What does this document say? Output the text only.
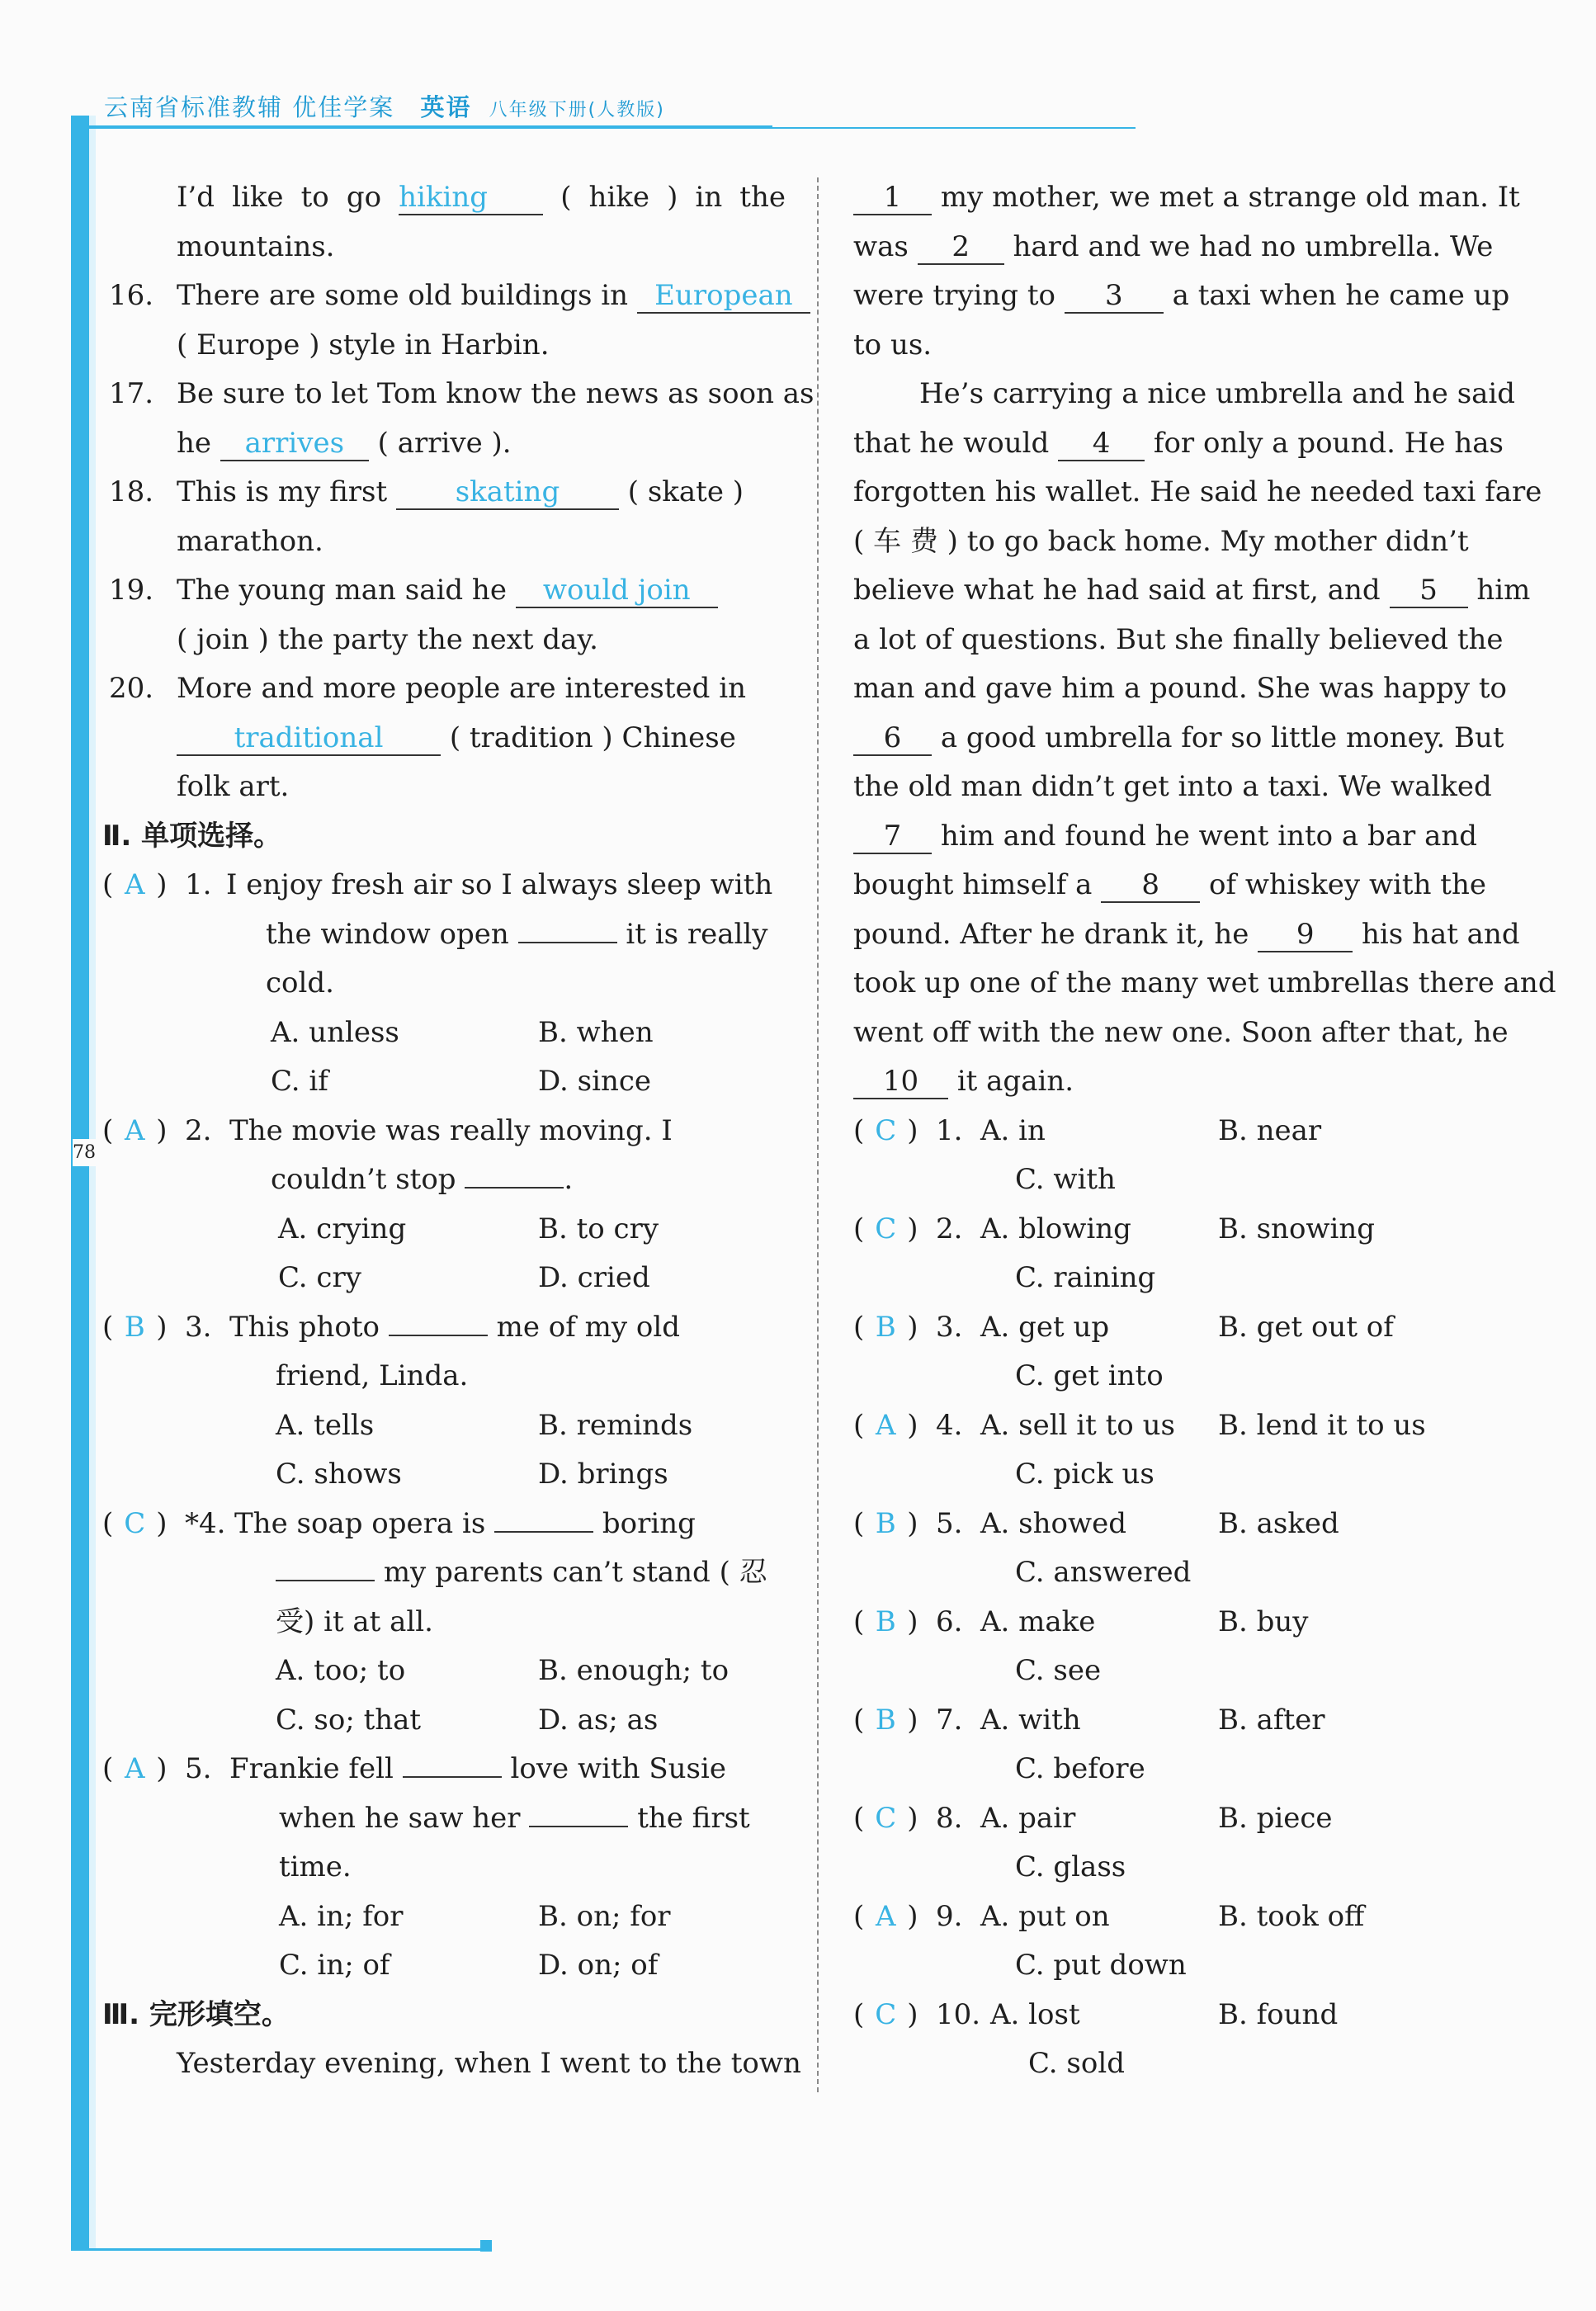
78
云南省标准教辅 优佳学案 英语 八年级下册(人教版)
I’d like to go hiking	( hike ) in the
mountains.
16. There are some old buildings in European
( Europe ) style in Harbin.
17. Be sure to let Tom know the news as soon as
he arrives ( arrive ).
18. This is my first skating ( skate )
marathon.
19. The young man said he would join
( join ) the party the next day.
20. More and more people are interested in
traditional ( tradition ) Chinese
folk art.
Ⅱ. 单项选择。
( A ) 1. I enjoy fresh air so I always sleep with
the window open	it is really
cold.
A. unless	B. when
C. if	D. since
( A ) 2. The movie was really moving. I
couldn’t stop	.
A. crying	B. to cry
C. cry	D. cried
( B ) 3. This photo	me of my old
friend, Linda.
A. tells	B. reminds
C. shows	D. brings
( C ) *4. The soap opera is	boring
my parents can’t stand ( 忍
受) it at all.
A. too; to	B. enough; to
C. so; that	D. as; as
( A ) 5. Frankie fell	love with Susie
when he saw her	the first
time.
A. in; for	B. on; for
C. in; of	D. on; of
Ⅲ. 完形填空。
Yesterday evening, when I went to the town
1 my mother, we met a strange old man. It
was 2 hard and we had no umbrella. We
were trying to 3 a taxi when he came up
to us.
He’s carrying a nice umbrella and he said
that he would 4 for only a pound. He has
forgotten his wallet. He said he needed taxi fare
( 车 费 ) to go back home. My mother didn’t
believe what he had said at first, and 5 him
a lot of questions. But she finally believed the
man and gave him a pound. She was happy to
6 a good umbrella for so little money. But
the old man didn’t get into a taxi. We walked
7 him and found he went into a bar and
bought himself a 8 of whiskey with the
pound. After he drank it, he 9 his hat and
took up one of the many wet umbrellas there and
went off with the new one. Soon after that, he
10 it again.
( C ) 1. A. in	B. near
C. with
( C ) 2. A. blowing	B. snowing
C. raining
( B ) 3. A. get up	B. get out of
C. get into
( A ) 4. A. sell it to us B. lend it to us
C. pick us
( B ) 5. A. showed	B. asked
C. answered
( B ) 6. A. make	B. buy
C. see
( B ) 7. A. with	B. after
C. before
( C ) 8. A. pair	B. piece
C. glass
( A ) 9. A. put on	B. took off
C. put down
( C ) 10. A. lost	B. found
C. sold
